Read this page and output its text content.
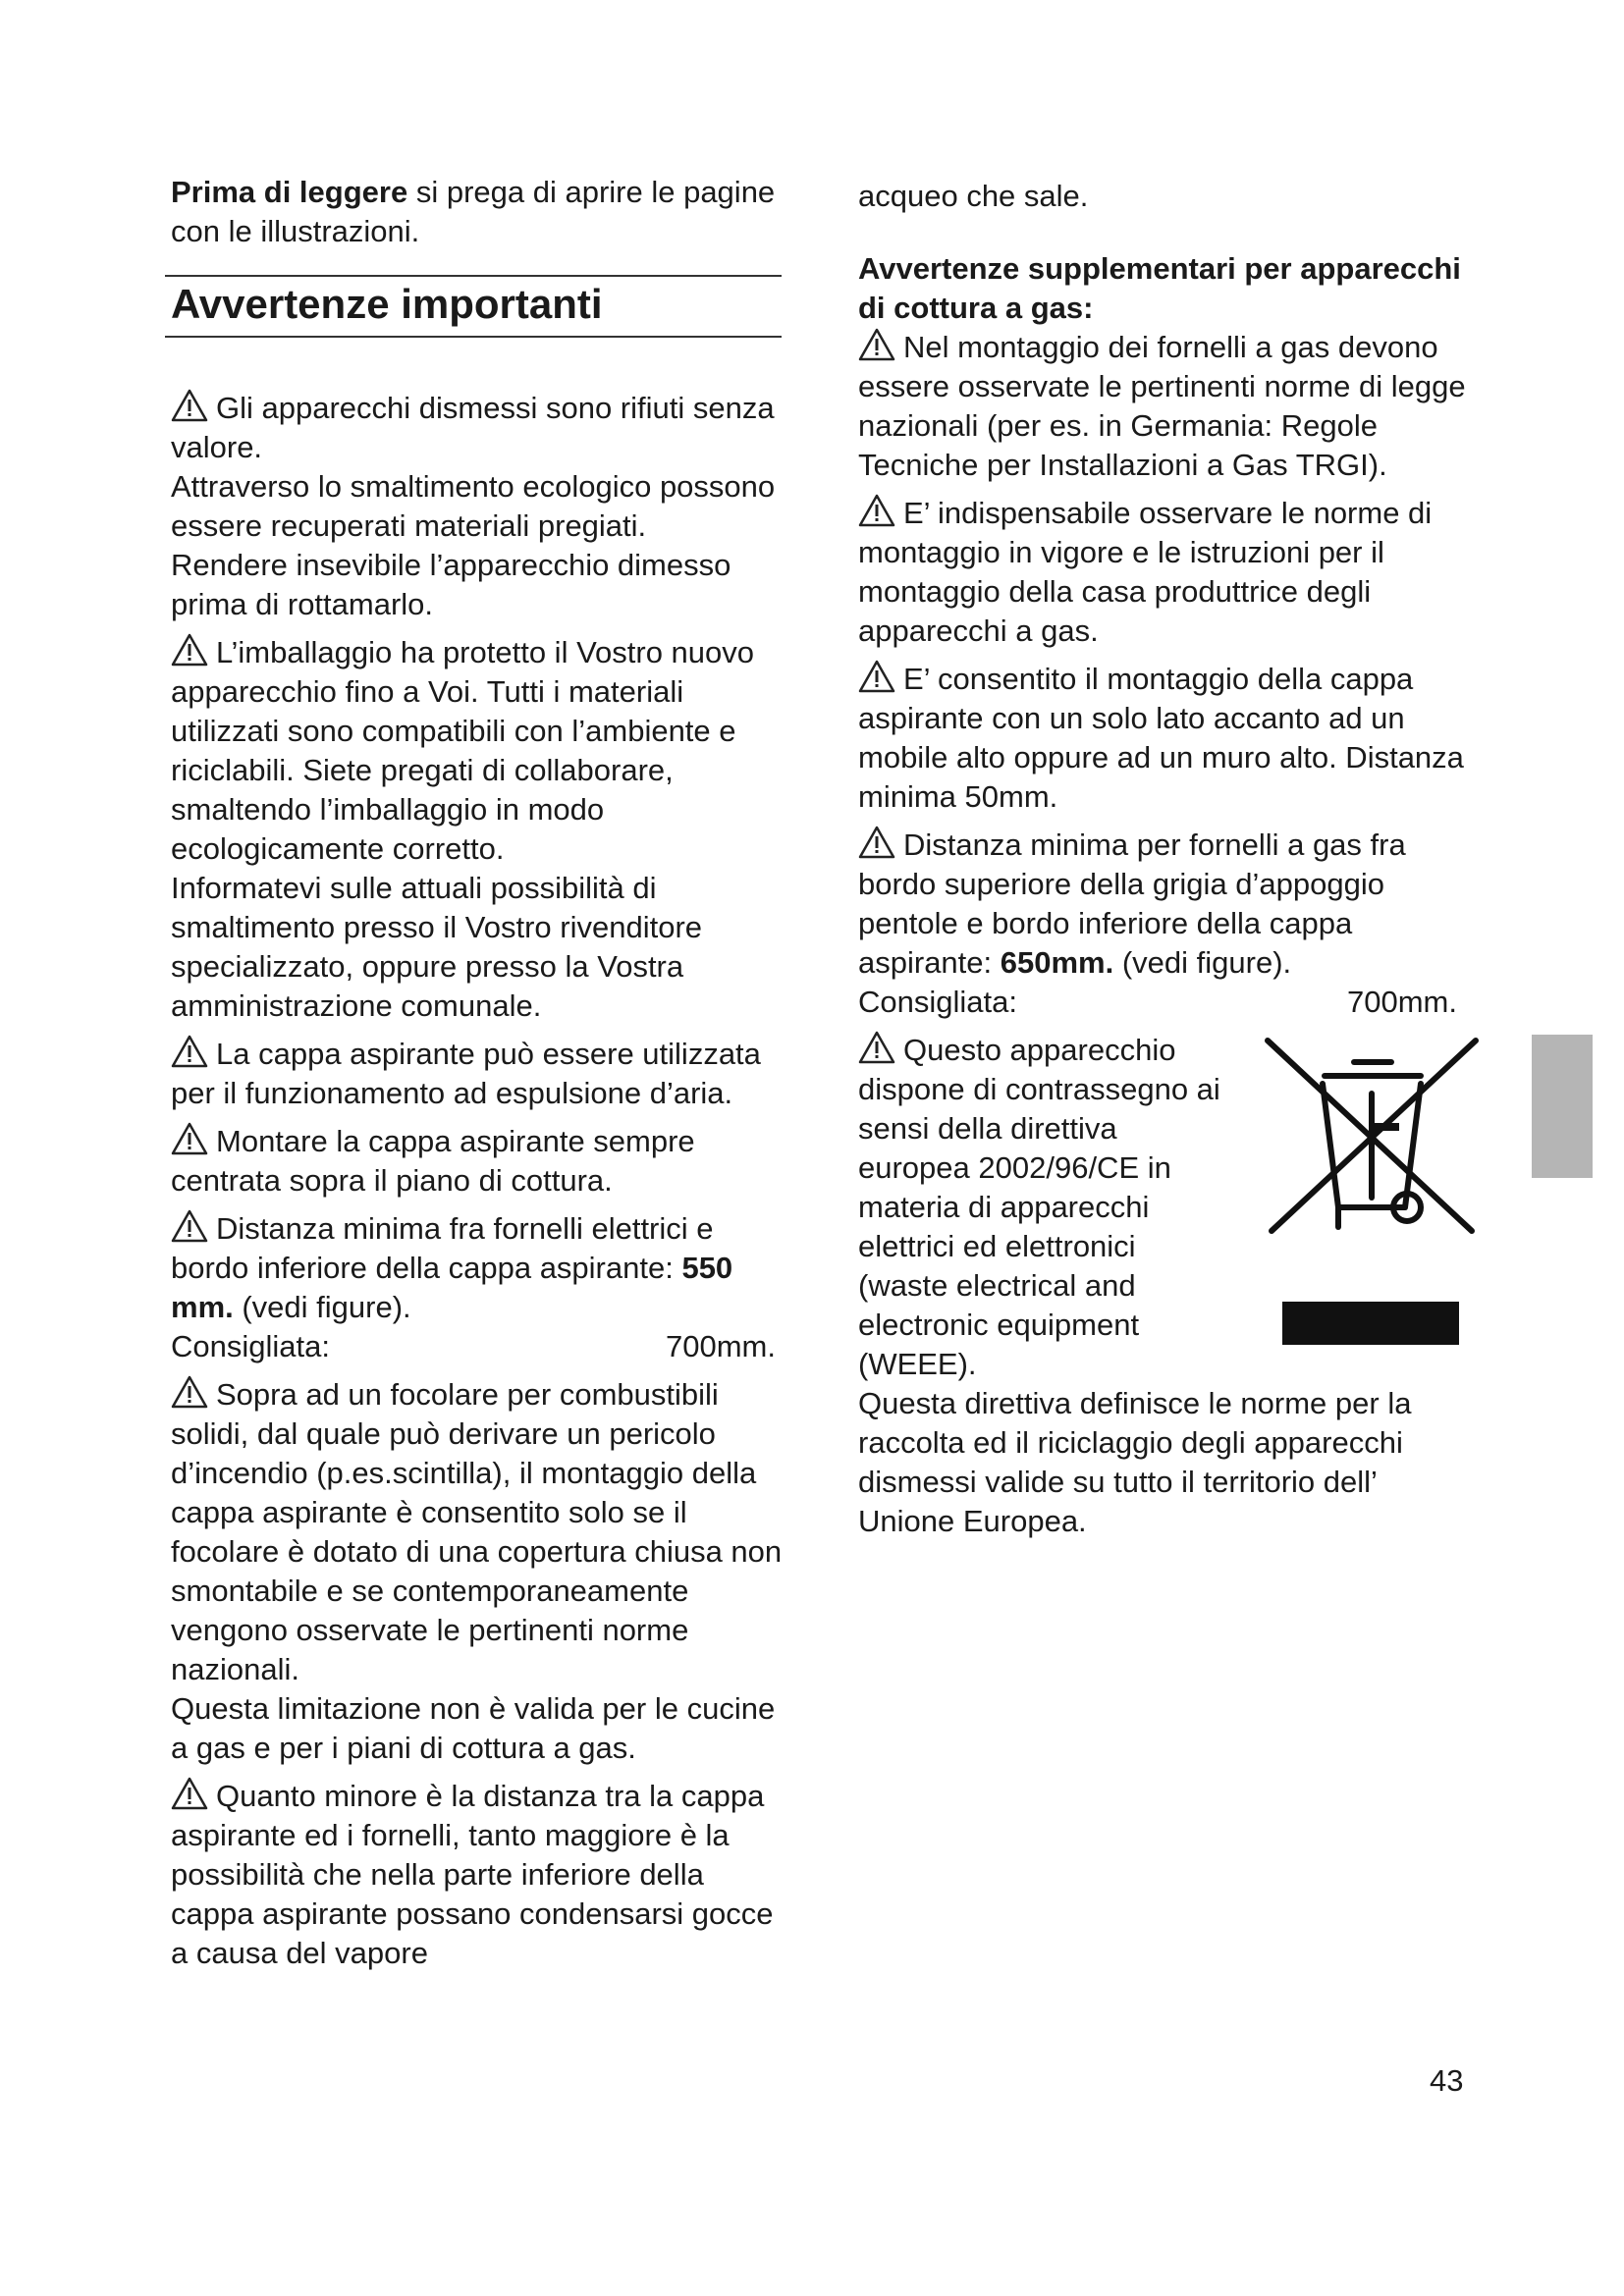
Prima di leggere si prega di aprire le pagine con le illustrazioni.

Avvertenze importanti

Gli apparecchi dismessi sono rifiuti senza valore.

Attraverso lo smaltimento ecologico possono essere recuperati materiali pregiati.

Rendere insevibile l’apparecchio dimesso prima di rottamarlo.

L’imballaggio ha protetto il Vostro nuovo apparecchio fino a Voi. Tutti i materiali utilizzati sono compatibili con l’ambiente e riciclabili. Siete pregati di collaborare, smaltendo l’imballaggio in modo ecologicamente corretto.

Informatevi sulle attuali possibilità di smaltimento presso il Vostro rivenditore specializzato, oppure presso la Vostra amministrazione comunale.

La cappa aspirante può essere utilizzata per il funzionamento ad espulsione d’aria.

Montare la cappa aspirante sempre centrata sopra il piano di cottura.

Distanza minima fra fornelli elettrici e bordo inferiore della cappa aspirante: 550 mm. (vedi figure).

Consigliata:	700mm.

Sopra ad un focolare per combustibili solidi, dal quale può derivare un pericolo d’incendio (p.es.scintilla), il montaggio della cappa aspirante è consentito solo se il focolare è dotato di una copertura chiusa non smontabile e se contemporaneamente vengono osservate le pertinenti norme nazionali.

Questa limitazione non è valida per le cucine a gas e per i piani di cottura a gas.

Quanto minore è la distanza tra la cappa aspirante ed i fornelli, tanto maggiore è la possibilità che nella parte inferiore della cappa aspirante possano condensarsi gocce a causa del vapore

acqueo che sale.

Avvertenze supplementari per apparecchi di cottura a gas:

Nel montaggio dei fornelli a gas devono essere osservate le pertinenti norme di legge nazionali (per es. in Germania: Regole Tecniche per Installazioni a Gas TRGI).

E’ indispensabile osservare le norme di montaggio in vigore e le istruzioni per il montaggio della casa produttrice degli apparecchi a gas.

E’ consentito il montaggio della cappa aspirante con un solo lato accanto ad un mobile alto oppure ad un muro alto. Distanza minima 50mm.

Distanza minima per fornelli a gas fra bordo superiore della grigia d’appoggio pentole e bordo inferiore della cappa aspirante: 650mm. (vedi figure).

Consigliata:	700mm.

Questo apparecchio dispone di contrassegno ai sensi della direttiva europea 2002/96/CE in materia di apparecchi elettrici ed elettronici (waste electrical and electronic equipment (WEEE).

Questa direttiva definisce le norme per la raccolta ed il riciclaggio degli apparecchi dismessi valide su tutto il territorio dell’ Unione Europea.

43
